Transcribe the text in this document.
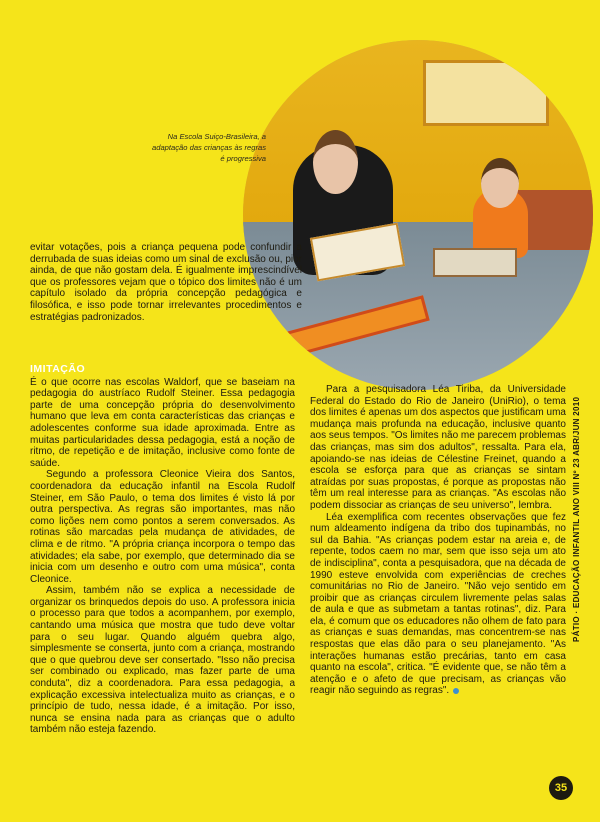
Na Escola Suiço-Brasileira, a adaptação das crianças às regras é progressiva

evitar votações, pois a criança pequena pode confundir a derrubada de suas ideias como um sinal de exclusão ou, pior ainda, de que não gostam dela. É igualmente imprescindível que os professores vejam que o tópico dos limites não é um capítulo isolado da própria concepção pedagógica e filosófica, e isso pode tornar irrelevantes procedimentos e estratégias padronizados.

IMITAÇÃO

É o que ocorre nas escolas Waldorf, que se baseiam na pedagogia do austríaco Rudolf Steiner. Essa pedagogia parte de uma concepção própria do desenvolvimento humano que leva em conta características das crianças e adolescentes conforme sua idade aproximada. Entre as muitas particularidades dessa pedagogia, está a noção de ritmo, de repetição e de imitação, inclusive como fonte de saúde.

Segundo a professora Cleonice Vieira dos Santos, coordenadora da educação infantil na Escola Rudolf Steiner, em São Paulo, o tema dos limites é visto lá por outra perspectiva. As regras são importantes, mas não como lições nem como pontos a serem conversados. As rotinas são marcadas pela mudança de atividades, de clima e de ritmo. "A própria criança incorpora o tempo das atividades; ela sabe, por exemplo, que determinado dia se inicia com um desenho e outro com uma música", conta Cleonice.

Assim, também não se explica a necessidade de organizar os brinquedos depois do uso. A professora inicia o processo para que todos a acompanhem, por exemplo, cantando uma música que mostra que tudo deve voltar para o seu lugar. Quando alguém quebra algo, simplesmente se conserta, junto com a criança, mostrando que o que quebrou deve ser consertado. "Isso não precisa ser combinado ou explicado, mas fazer parte de uma conduta", diz a coordenadora. Para essa pedagogia, a explicação excessiva intelectualiza muito as crianças, e o princípio de tudo, nessa idade, é a imitação. Por isso, nunca se ensina nada para as crianças que o adulto também não esteja fazendo.

Para a pesquisadora Léa Tiriba, da Universidade Federal do Estado do Rio de Janeiro (UniRio), o tema dos limites é apenas um dos aspectos que justificam uma mudança mais profunda na educação, inclusive quanto aos seus tempos. "Os limites não me parecem problemas das crianças, mas sim dos adultos", ressalta. Para ela, apoiando-se nas ideias de Célestine Freinet, quando a escola se esforça para que as crianças se sintam atraídas por suas propostas, é porque as propostas não têm um real interesse para as crianças. "As escolas não podem dissociar as crianças de seu universo", lembra.

Léa exemplifica com recentes observações que fez num aldeamento indígena da tribo dos tupinambás, no sul da Bahia. "As crianças podem estar na areia e, de repente, todos caem no mar, sem que isso seja um ato de indisciplina", conta a pesquisadora, que na década de 1990 esteve envolvida com experiências de creches comunitárias no Rio de Janeiro. "Não vejo sentido em proibir que as crianças circulem livremente pelas salas de aula e que as submetam a tantas rotinas", diz. Para ela, é comum que os educadores não olhem de fato para as crianças e suas demandas, mas concentrem-se nas respostas que elas dão para o seu planejamento. "As interações humanas estão precárias, tanto em casa quanto na escola", critica. "É evidente que, se não têm a atenção e o afeto de que precisam, as crianças vão reagir não seguindo as regras".

PÁTIO · EDUCAÇÃO INFANTIL ANO VIII Nº 23 ABR/JUN 2010
35
